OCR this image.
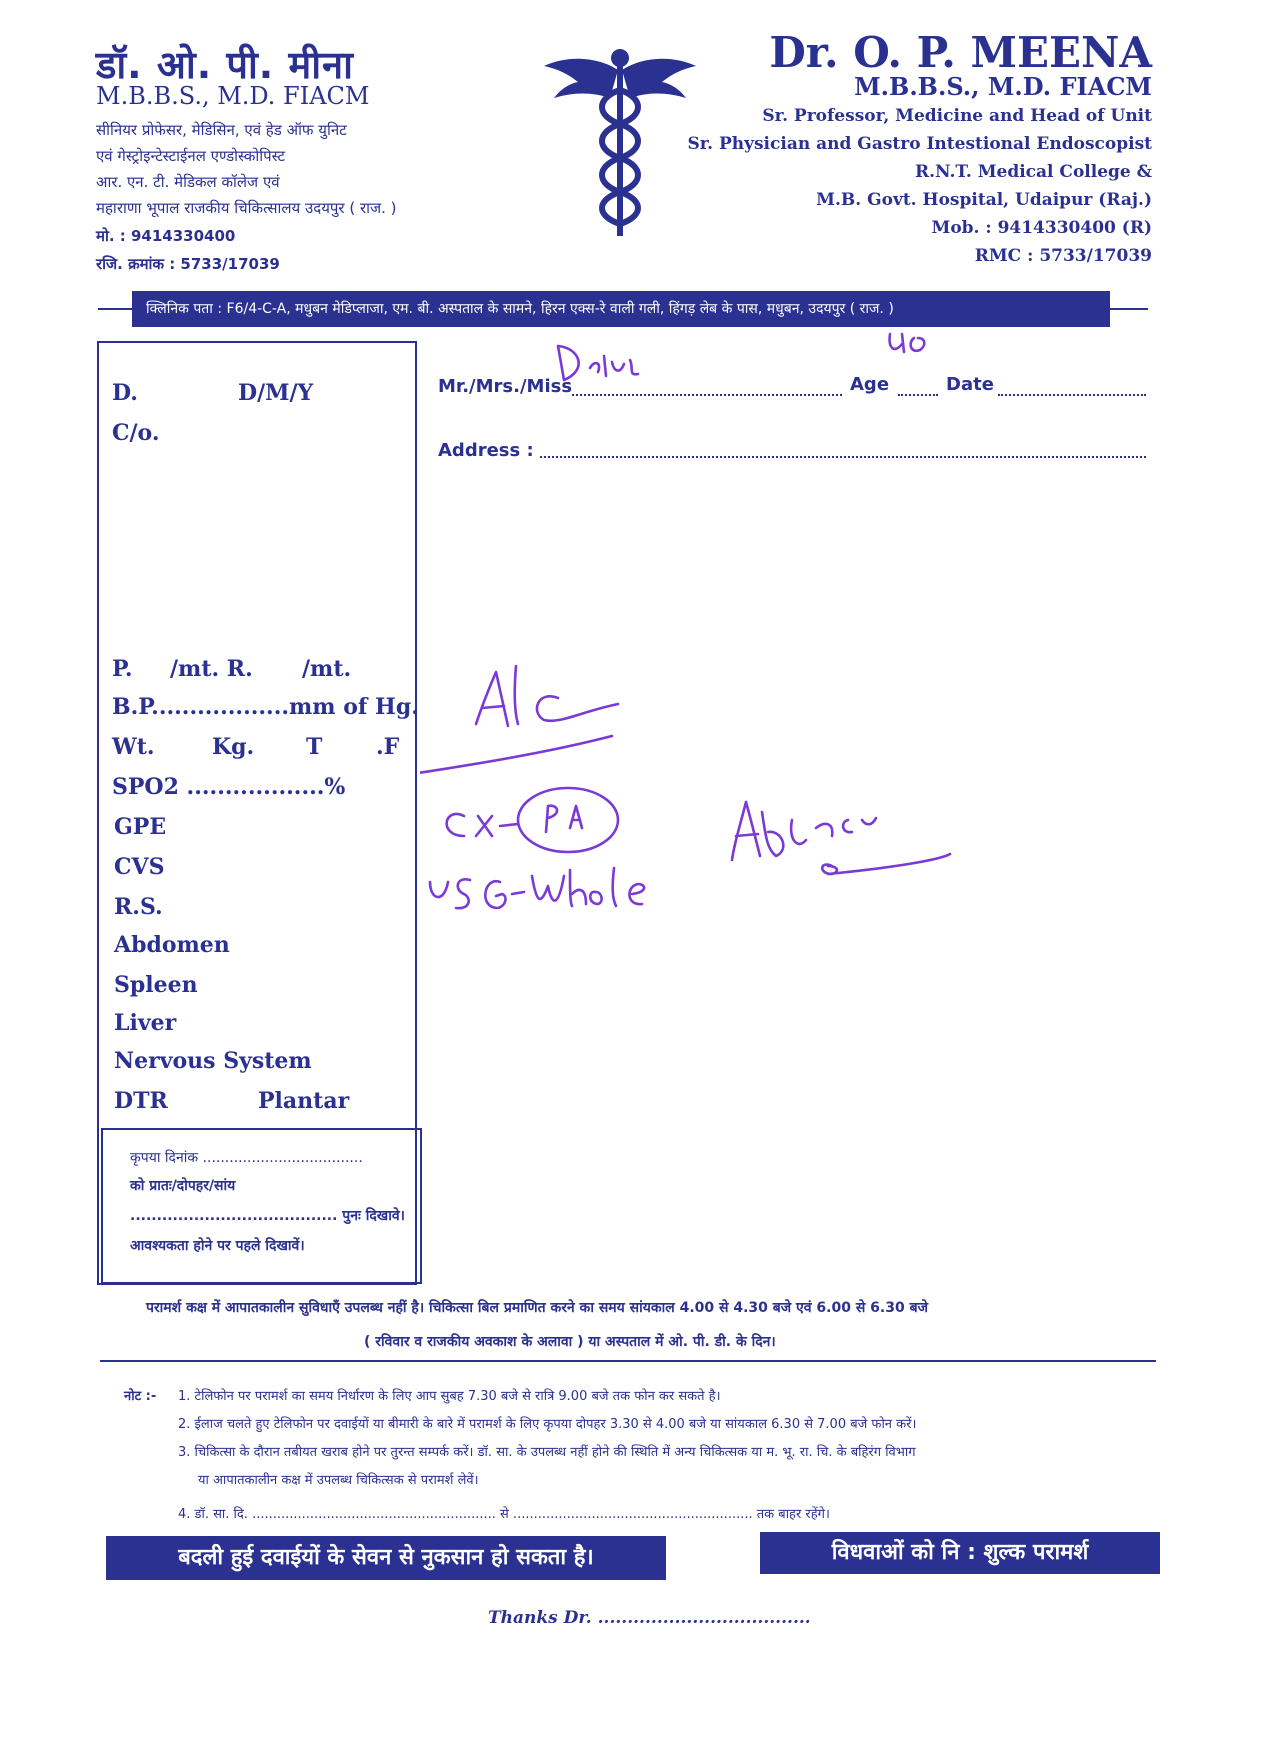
डॉ. ओ. पी. मीना
M.B.B.S., M.D. FIACM
सीनियर प्रोफेसर, मेडिसिन, एवं हेड ऑफ युनिट
एवं गेस्ट्रोइन्टेस्टाईनल एण्डोस्कोपिस्ट
आर. एन. टी. मेडिकल कॉलेज एवं
महाराणा भूपाल राजकीय चिकित्सालय उदयपुर ( राज. )
मो. : 9414330400
रजि. क्रमांक : 5733/17039
Dr. O. P. MEENA
M.B.B.S., M.D. FIACM
Sr. Professor, Medicine and Head of Unit
Sr. Physician and Gastro Intestional Endoscopist
R.N.T. Medical College &
M.B. Govt. Hospital, Udaipur (Raj.)
Mob. : 9414330400 (R)
RMC : 5733/17039
क्लिनिक पता : F6/4-C-A, मधुबन मेडिप्लाजा, एम. बी. अस्पताल के सामने, हिरन एक्स-रे वाली गली, हिंगड़ लेब के पास, मधुबन, उदयपुर ( राज. )
D.	D/M/Y
C/o.
P. /mt. R. /mt.
B.P..................mm of Hg.
Wt.	Kg. T .F
SPO2 ..................%
GPE
CVS
R.S.
Abdomen
Spleen
Liver
Nervous System
DTR	Plantar
कृपया दिनांक ....................................
को प्रातः/दोपहर/सांय
....................................... पुनः दिखावे।
आवश्यकता होने पर पहले दिखावें।
Mr./Mrs./Miss	Age	Date
Address :
परामर्श कक्ष में आपातकालीन सुविधाएँ उपलब्ध नहीं है। चिकित्सा बिल प्रमाणित करने का समय सांयकाल 4.00 से 4.30 बजे एवं 6.00 से 6.30 बजे
( रविवार व राजकीय अवकाश के अलावा ) या अस्पताल में ओ. पी. डी. के दिन।
नोट :- 1. टेलिफोन पर परामर्श का समय निर्धारण के लिए आप सुबह 7.30 बजे से रात्रि 9.00 बजे तक फोन कर सकते है।
2. ईलाज चलते हुए टेलिफोन पर दवाईयों या बीमारी के बारे में परामर्श के लिए कृपया दोपहर 3.30 से 4.00 बजे या सांयकाल 6.30 से 7.00 बजे फोन करें।
3. चिकित्सा के दौरान तबीयत खराब होने पर तुरन्त सम्पर्क करें। डॉ. सा. के उपलब्ध नहीं होने की स्थिति में अन्य चिकित्सक या म. भू. रा. चि. के बहिरंग विभाग
या आपातकालीन कक्ष में उपलब्ध चिकित्सक से परामर्श लेवें।
4. डॉ. सा. दि. ........................................................... से .......................................................... तक बाहर रहेंगे।
बदली हुई दवाईयों के सेवन से नुकसान हो सकता है।	विधवाओं को नि : शुल्क परामर्श
Thanks Dr. ....................................
